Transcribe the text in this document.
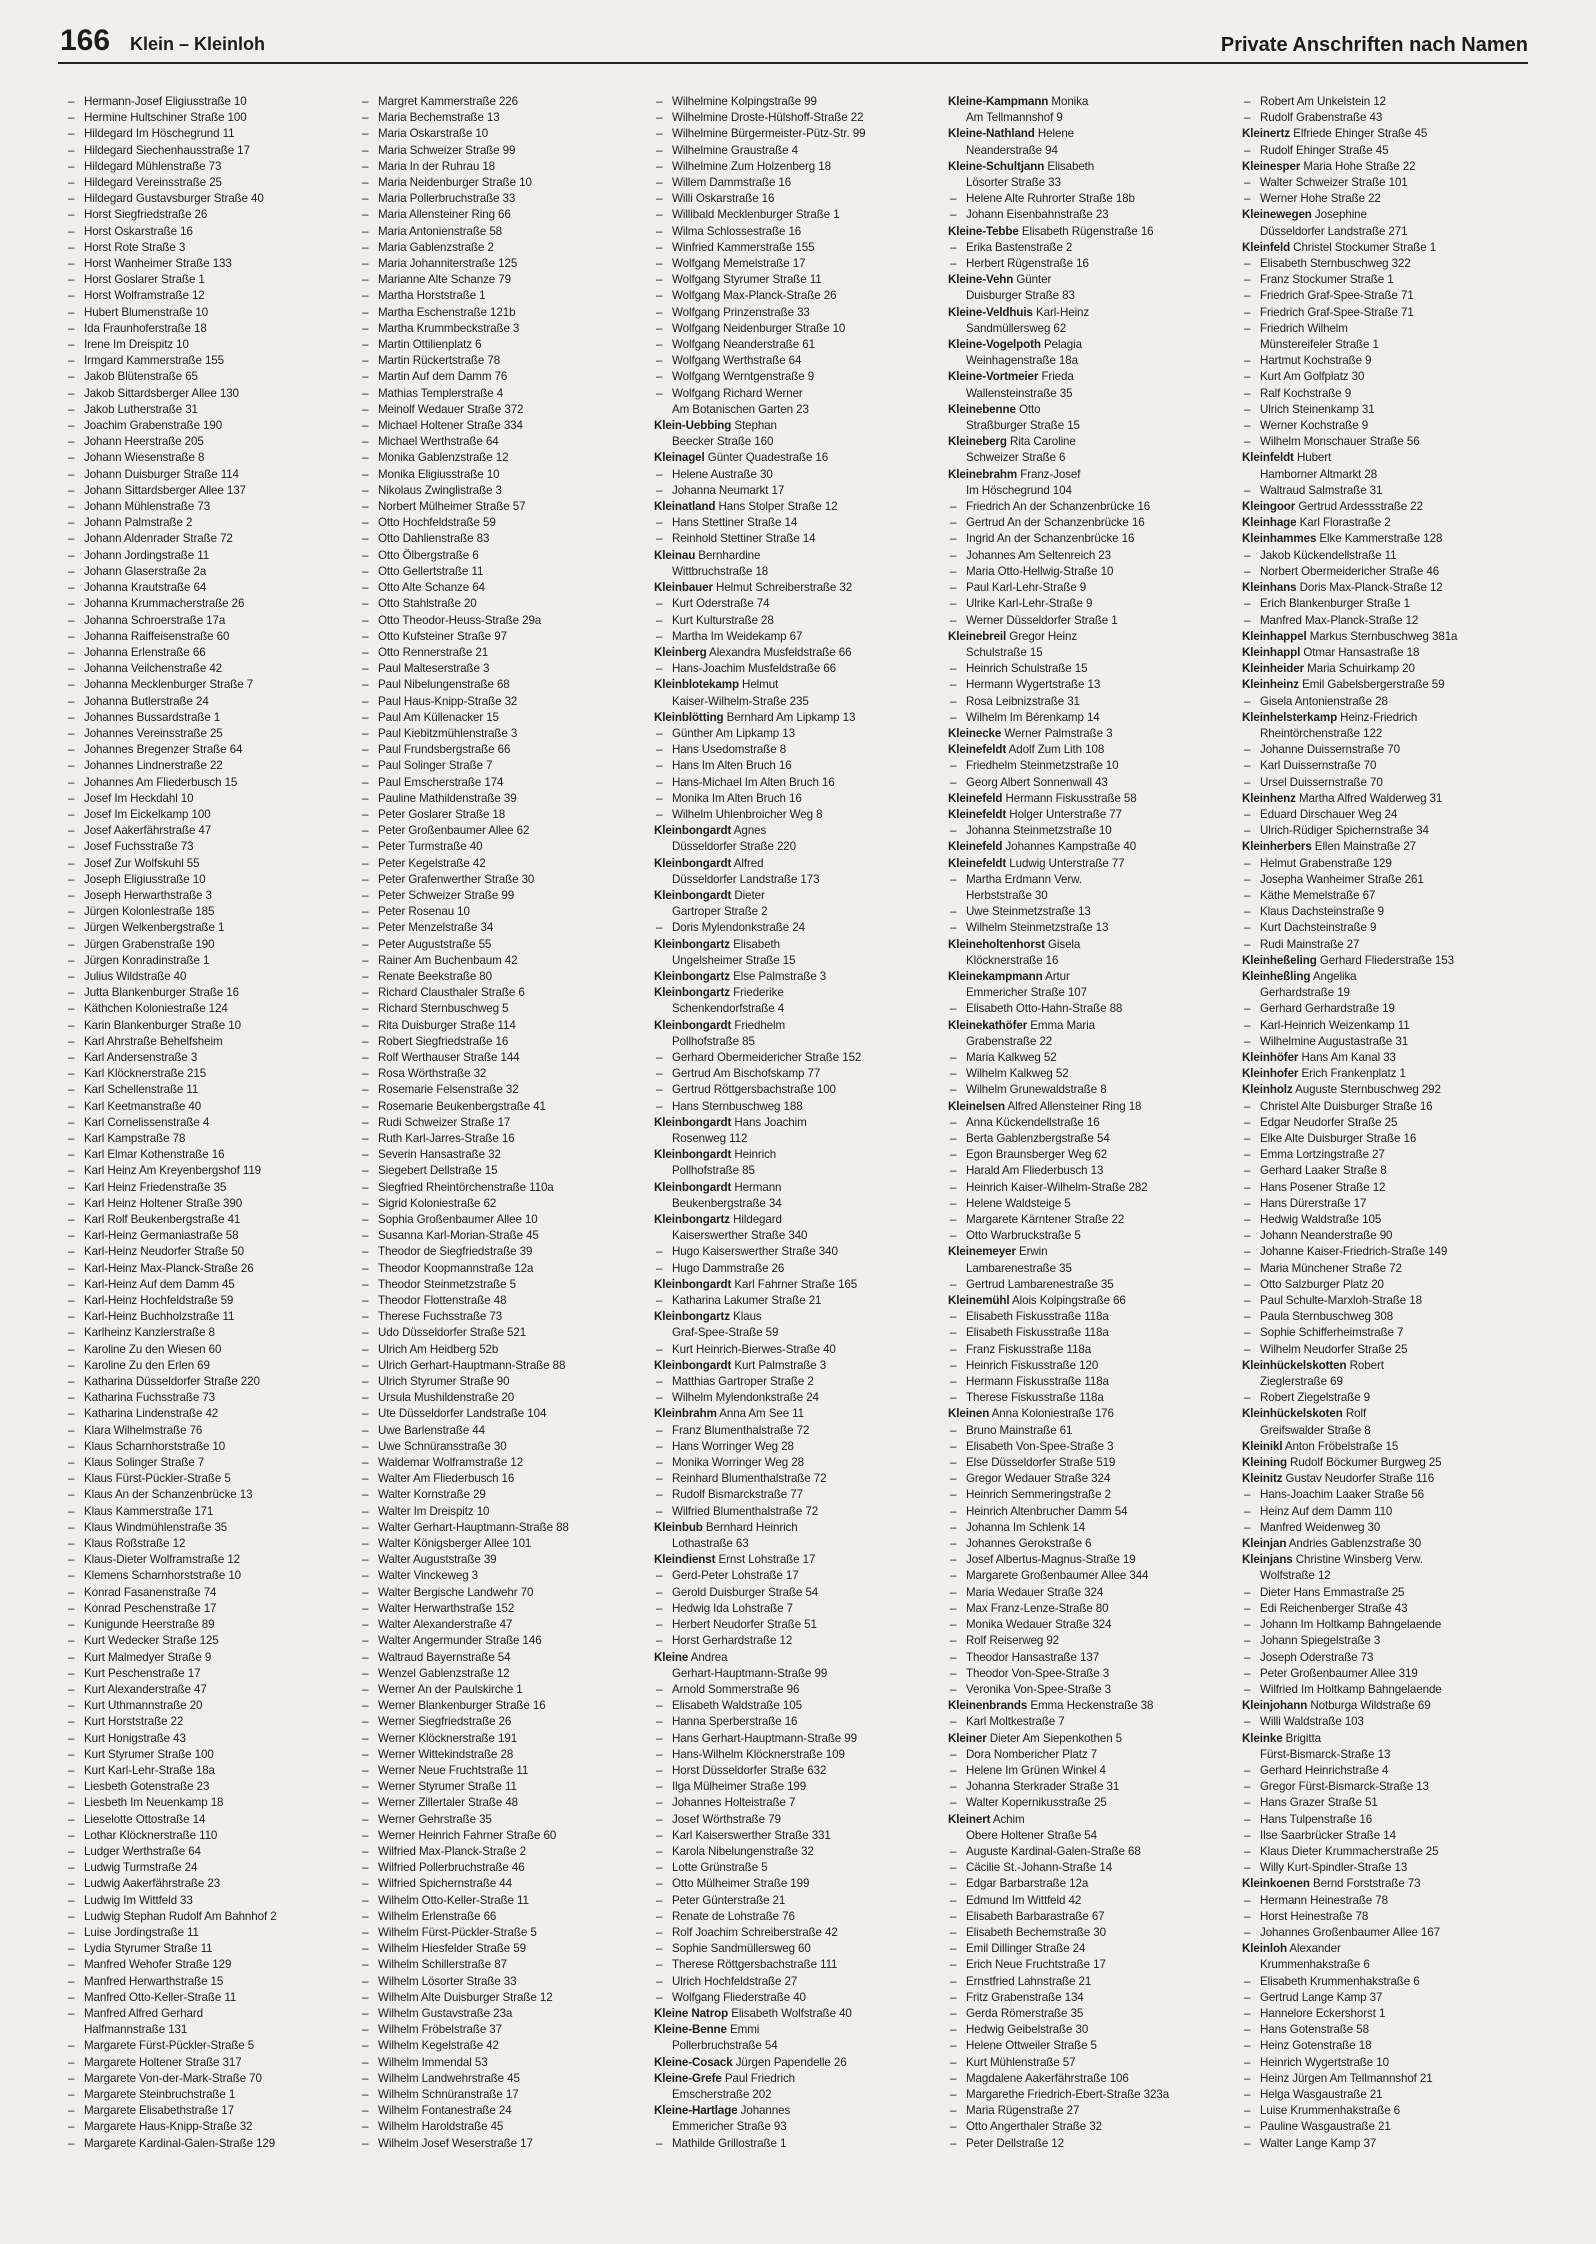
166 Klein – Kleinloh	Private Anschriften nach Namen
– Hermann-Josef Eligiusstraße 10
– Hermine Hultschiner Straße 100
– Hildegard Im Höschegrund 11
– Hildegard Siechenhausstraße 17
– Hildegard Mühlenstraße 73
– Hildegard Vereinsstraße 25
– Hildegard Gustavsburger Straße 40
– Horst Siegfriedstraße 26
– Horst Oskarstraße 16
– Horst Rote Straße 3
– Horst Wanheimer Straße 133
– Horst Goslarer Straße 1
– Horst Wolframstraße 12
– Hubert Blumenstraße 10
– Ida Fraunhoferstraße 18
– Irene Im Dreispitz 10
– Irmgard Kammerstraße 155
– Jakob Blütenstraße 65
– Jakob Sittardsberger Allee 130
– Jakob Lutherstraße 31
– Joachim Grabenstraße 190
– Johann Heerstraße 205
– Johann Wiesenstraße 8
– Johann Duisburger Straße 114
– Johann Sittardsberger Allee 137
– Johann Mühlenstraße 73
– Johann Palmstraße 2
– Johann Aldenrader Straße 72
– Johann Jordingstraße 11
– Johann Glaserstraße 2a
– Johanna Krautstraße 64
– Johanna Krummacherstraße 26
– Johanna Schroerstraße 17a
– Johanna Raiffeisenstraße 60
– Johanna Erlenstraße 66
– Johanna Veilchenstraße 42
– Johanna Mecklenburger Straße 7
– Johanna Butlerstraße 24
– Johannes Bussardstraße 1
– Johannes Vereinsstraße 25
– Johannes Bregenzer Straße 64
– Johannes Lindnerstraße 22
– Johannes Am Fliederbusch 15
– Josef Im Heckdahl 10
– Josef Im Eickelkamp 100
– Josef Aakerfährstraße 47
– Josef Fuchsstraße 73
– Josef Zur Wolfskuhl 55
– Joseph Eligiusstraße 10
– Joseph Herwarthstraße 3
– Jürgen Kolonlestraße 185
– Jürgen Welkenbergstraße 1
– Jürgen Grabenstraße 190
– Jürgen Konradinstraße 1
– Julius Wildstraße 40
– Jutta Blankenburger Straße 16
– Käthchen Koloniestraße 124
– Karin Blankenburger Straße 10
– Karl Ahrstraße Behelfsheim
– Karl Andersenstraße 3
– Karl Klöcknerstraße 215
– Karl Schellenstraße 11
– Karl Keetmanstraße 40
– Karl Cornelissenstraße 4
– Karl Kampstraße 78
– Karl Elmar Kothenstraße 16
– Karl Heinz Am Kreyenbergshof 119
– Karl Heinz Friedenstraße 35
– Karl Heinz Holtener Straße 390
– Karl Rolf Beukenbergstraße 41
– Karl-Heinz Germaniastraße 58
– Karl-Heinz Neudorfer Straße 50
– Karl-Heinz Max-Planck-Straße 26
– Karl-Heinz Auf dem Damm 45
– Karl-Heinz Hochfeldstraße 59
– Karl-Heinz Buchholzstraße 11
– Karlheinz Kanzlerstraße 8
– Karoline Zu den Wiesen 60
– Karoline Zu den Erlen 69
– Katharina Düsseldorfer Straße 220
– Katharina Fuchsstraße 73
– Katharina Lindenstraße 42
– Klara Wilhelmstraße 76
– Klaus Scharnhorststraße 10
– Klaus Solinger Straße 7
– Klaus Fürst-Pückler-Straße 5
– Klaus An der Schanzenbrücke 13
– Klaus Kammerstraße 171
– Klaus Windmühlenstraße 35
– Klaus Roßstraße 12
– Klaus-Dieter Wolframstraße 12
– Klemens Scharnhorststraße 10
– Konrad Fasanenstraße 74
– Konrad Peschenstraße 17
– Kunigunde Heerstraße 89
– Kurt Wedecker Straße 125
– Kurt Malmedyer Straße 9
– Kurt Peschenstraße 17
– Kurt Alexanderstraße 47
– Kurt Uthmannstraße 20
– Kurt Horststraße 22
– Kurt Honigstraße 43
– Kurt Styrumer Straße 100
– Kurt Karl-Lehr-Straße 18a
– Liesbeth Gotenstraße 23
– Liesbeth Im Neuenkamp 18
– Lieselotte Ottostraße 14
– Lothar Klöcknerstraße 110
– Ludger Werthstraße 64
– Ludwig Turmstraße 24
– Ludwig Aakerfährstraße 23
– Ludwig Im Wittfeld 33
– Ludwig Stephan Rudolf Am Bahnhof 2
– Luise Jordingstraße 11
– Lydia Styrumer Straße 11
– Manfred Wehofer Straße 129
– Manfred Herwarthstraße 15
– Manfred Otto-Keller-Straße 11
– Manfred Alfred Gerhard
Halfmannstraße 131
– Margarete Fürst-Pückler-Straße 5
– Margarete Holtener Straße 317
– Margarete Von-der-Mark-Straße 70
– Margarete Steinbruchstraße 1
– Margarete Elisabethstraße 17
– Margarete Haus-Knipp-Straße 32
– Margarete Kardinal-Galen-Straße 129
– Margret Kammerstraße 226
– Maria Bechemstraße 13
– Maria Oskarstraße 10
– Maria Schweizer Straße 99
– Maria In der Ruhrau 18
– Maria Neidenburger Straße 10
– Maria Pollerbruchstraße 33
– Maria Allensteiner Ring 66
– Maria Antonienstraße 58
– Maria Gablenzstraße 2
– Maria Johanniterstraße 125
– Marianne Alte Schanze 79
– Martha Horststraße 1
– Martha Eschenstraße 121b
– Martha Krummbeckstraße 3
– Martin Ottilienplatz 6
– Martin Rückertstraße 78
– Martin Auf dem Damm 76
– Mathias Templerstraße 4
– Meinolf Wedauer Straße 372
– Michael Holtener Straße 334
– Michael Werthstraße 64
– Monika Gablenzstraße 12
– Monika Eligiusstraße 10
– Nikolaus Zwinglistraße 3
– Norbert Mülheimer Straße 57
– Otto Hochfeldstraße 59
– Otto Dahlienstraße 83
– Otto Ölbergstraße 6
– Otto Gellertstraße 11
– Otto Alte Schanze 64
– Otto Stahlstraße 20
– Otto Theodor-Heuss-Straße 29a
– Otto Kufsteiner Straße 97
– Otto Rennerstraße 21
– Paul Malteserstraße 3
– Paul Nibelungenstraße 68
– Paul Haus-Knipp-Straße 32
– Paul Am Küllenacker 15
– Paul Kiebitzmühlenstraße 3
– Paul Frundsbergstraße 66
– Paul Solinger Straße 7
– Paul Emscherstraße 174
– Pauline Mathildenstraße 39
– Peter Goslarer Straße 18
– Peter Großenbaumer Allee 62
– Peter Turmstraße 40
– Peter Kegelstraße 42
– Peter Grafenwerther Straße 30
– Peter Schweizer Straße 99
– Peter Rosenau 10
– Peter Menzelstraße 34
– Peter Auguststraße 55
– Rainer Am Buchenbaum 42
– Renate Beekstraße 80
– Richard Clausthaler Straße 6
– Richard Sternbuschweg 5
– Rita Duisburger Straße 114
– Robert Siegfriedstraße 16
– Rolf Werthauser Straße 144
– Rosa Wörthstraße 32
– Rosemarie Felsenstraße 32
– Rosemarie Beukenbergstraße 41
– Rudi Schweizer Straße 17
– Ruth Karl-Jarres-Straße 16
– Severin Hansastraße 32
– Siegebert Dellstraße 15
– Siegfried Rheintörchenstraße 110a
– Sigrid Koloniestraße 62
– Sophia Großenbaumer Allee 10
– Susanna Karl-Morian-Straße 45
– Theodor de Siegfriedstraße 39
– Theodor Koopmannstraße 12a
– Theodor Steinmetzstraße 5
– Theodor Flottenstraße 48
– Therese Fuchsstraße 73
– Udo Düsseldorfer Straße 521
– Ulrich Am Heidberg 52b
– Ulrich Gerhart-Hauptmann-Straße 88
– Ulrich Styrumer Straße 90
– Ursula Mushildenstraße 20
– Ute Düsseldorfer Landstraße 104
– Uwe Barlenstraße 44
– Uwe Schnüransstraße 30
– Waldemar Wolframstraße 12
– Walter Am Fliederbusch 16
– Walter Kornstraße 29
– Walter Im Dreispitz 10
– Walter Gerhart-Hauptmann-Straße 88
– Walter Königsberger Allee 101
– Walter Auguststraße 39
– Walter Vinckeweg 3
– Walter Bergische Landwehr 70
– Walter Herwarthstraße 152
– Walter Alexanderstraße 47
– Walter Angermunder Straße 146
– Waltraud Bayernstraße 54
– Wenzel Gablenzstraße 12
– Werner An der Paulskirche 1
– Werner Blankenburger Straße 16
– Werner Siegfriedstraße 26
– Werner Klöcknerstraße 191
– Werner Wittekindstraße 28
– Werner Neue Fruchtstraße 11
– Werner Styrumer Straße 11
– Werner Zillertaler Straße 48
– Werner Gehrstraße 35
– Werner Heinrich Fahrner Straße 60
– Wilfried Max-Planck-Straße 2
– Wilfried Pollerbruchstraße 46
– Wilfried Spichernstraße 44
– Wilhelm Otto-Keller-Straße 11
– Wilhelm Erlenstraße 66
– Wilhelm Fürst-Pückler-Straße 5
– Wilhelm Hiesfelder Straße 59
– Wilhelm Schillerstraße 87
– Wilhelm Lösorter Straße 33
– Wilhelm Alte Duisburger Straße 12
– Wilhelm Gustavstraße 23a
– Wilhelm Fröbelstraße 37
– Wilhelm Kegelstraße 42
– Wilhelm Immendal 53
– Wilhelm Landwehrstraße 45
– Wilhelm Schnüranstraße 17
– Wilhelm Fontanestraße 24
– Wilhelm Haroldstraße 45
– Wilhelm Josef Weserstraße 17
– Wilhelmine Kolpingstraße 99
– Wilhelmine Droste-Hülshoff-Straße 22
– Wilhelmine Bürgermeister-Pütz-Str. 99
– Wilhelmine Graustraße 4
– Wilhelmine Zum Holzenberg 18
– Willem Dammstraße 16
– Willi Oskarstraße 16
– Willibald Mecklenburger Straße 1
– Wilma Schlossestraße 16
– Winfried Kammerstraße 155
– Wolfgang Memelstraße 17
– Wolfgang Styrumer Straße 11
– Wolfgang Max-Planck-Straße 26
– Wolfgang Prinzenstraße 33
– Wolfgang Neidenburger Straße 10
– Wolfgang Neanderstraße 61
– Wolfgang Werthstraße 64
– Wolfgang Werntgenstraße 9
– Wolfgang Richard Werner
Am Botanischen Garten 23
Klein-Uebbing Stephan
Beecker Straße 160
Kleinagel Günter Quadestraße 16
– Helene Austraße 30
– Johanna Neumarkt 17
Kleinatland Hans Stolper Straße 12
– Hans Stettiner Straße 14
– Reinhold Stettiner Straße 14
Kleinau Bernhardine
Wittbruchstraße 18
Kleinbauer Helmut Schreiberstraße 32
– Kurt Oderstraße 74
– Kurt Kulturstraße 28
– Martha Im Weidekamp 67
Kleinberg Alexandra Musfeldstraße 66
– Hans-Joachim Musfeldstraße 66
Kleinblotekamp Helmut
Kaiser-Wilhelm-Straße 235
Kleinblötting Bernhard Am Lipkamp 13
– Günther Am Lipkamp 13
– Hans Usedomstraße 8
– Hans Im Alten Bruch 16
– Hans-Michael Im Alten Bruch 16
– Monika Im Alten Bruch 16
– Wilhelm Uhlenbroicher Weg 8
Kleinbongardt Agnes
Düsseldorfer Straße 220
Kleinbongardt Alfred
Düsseldorfer Landstraße 173
Kleinbongardt Dieter
Gartroper Straße 2
– Doris Mylendonkstraße 24
Kleinbongartz Elisabeth
Ungelsheimer Straße 15
Kleinbongartz Else Palmstraße 3
Kleinbongartz Friederike
Schenkendorfstraße 4
Kleinbongardt Friedhelm
Pollhofstraße 85
– Gerhard Obermeidericher Straße 152
– Gertrud Am Bischofskamp 77
– Gertrud Röttgersbachstraße 100
– Hans Sternbuschweg 188
Kleinbongardt Hans Joachim
Rosenweg 112
Kleinbongardt Heinrich
Pollhofstraße 85
Kleinbongardt Hermann
Beukenbergstraße 34
Kleinbongartz Hildegard
Kaiserswerther Straße 340
– Hugo Kaiserswerther Straße 340
– Hugo Dammstraße 26
Kleinbongardt Karl Fahrner Straße 165
– Katharina Lakumer Straße 21
Kleinbongartz Klaus
Graf-Spee-Straße 59
– Kurt Heinrich-Bierwes-Straße 40
Kleinbongardt Kurt Palmstraße 3
– Matthias Gartroper Straße 2
– Wilhelm Mylendonkstraße 24
Kleinbrahm Anna Am See 11
– Franz Blumenthalstraße 72
– Hans Worringer Weg 28
– Monika Worringer Weg 28
– Reinhard Blumenthalstraße 72
– Rudolf Bismarckstraße 77
– Wilfried Blumenthalstraße 72
Kleinbub Bernhard Heinrich
Lothastraße 63
Kleindienst Ernst Lohstraße 17
– Gerd-Peter Lohstraße 17
– Gerold Duisburger Straße 54
– Hedwig Ida Lohstraße 7
– Herbert Neudorfer Straße 51
– Horst Gerhardstraße 12
Kleine Andrea
Gerhart-Hauptmann-Straße 99
– Arnold Sommerstraße 96
– Elisabeth Waldstraße 105
– Hanna Sperberstraße 16
– Hans Gerhart-Hauptmann-Straße 99
– Hans-Wilhelm Klöcknerstraße 109
– Horst Düsseldorfer Straße 632
– Ilga Mülheimer Straße 199
– Johannes Holteistraße 7
– Josef Wörthstraße 79
– Karl Kaiserswerther Straße 331
– Karola Nibelungenstraße 32
– Lotte Grünstraße 5
– Otto Mülheimer Straße 199
– Peter Günterstraße 21
– Renate de Lohstraße 76
– Rolf Joachim Schreiberstraße 42
– Sophie Sandmüllersweg 60
– Therese Röttgersbachstraße 111
– Ulrich Hochfeldstraße 27
– Wolfgang Fliederstraße 40
Kleine Natrop Elisabeth Wolfstraße 40
Kleine-Benne Emmi
Pollerbruchstraße 54
Kleine-Cosack Jürgen Papendelle 26
Kleine-Grefe Paul Friedrich
Emscherstraße 202
Kleine-Hartlage Johannes
Emmericher Straße 93
– Mathilde Grillostraße 1
Kleine-Kampmann Monika
Am Tellmannshof 9
Kleine-Nathland Helene
Neanderstraße 94
Kleine-Schultjann Elisabeth
Lösorter Straße 33
– Helene Alte Ruhrorter Straße 18b
– Johann Eisenbahnstraße 23
Kleine-Tebbe Elisabeth Rügenstraße 16
– Erika Bastenstraße 2
– Herbert Rügenstraße 16
Kleine-Vehn Günter
Duisburger Straße 83
Kleine-Veldhuis Karl-Heinz
Sandmüllersweg 62
Kleine-Vogelpoth Pelagia
Weinhagenstraße 18a
Kleine-Vortmeier Frieda
Wallensteinstraße 35
Kleinebenne Otto
Straßburger Straße 15
Kleineberg Rita Caroline
Schweizer Straße 6
Kleinebrahm Franz-Josef
Im Höschegrund 104
– Friedrich An der Schanzenbrücke 16
– Gertrud An der Schanzenbrücke 16
– Ingrid An der Schanzenbrücke 16
– Johannes Am Seltenreich 23
– Maria Otto-Hellwig-Straße 10
– Paul Karl-Lehr-Straße 9
– Ulrike Karl-Lehr-Straße 9
– Werner Düsseldorfer Straße 1
Kleinebreil Gregor Heinz
Schulstraße 15
– Heinrich Schulstraße 15
– Hermann Wygertstraße 13
– Rosa Leibnizstraße 31
– Wilhelm Im Bérenkamp 14
Kleinecke Werner Palmstraße 3
Kleinefeldt Adolf Zum Lith 108
– Friedhelm Steinmetzstraße 10
– Georg Albert Sonnenwall 43
Kleinefeld Hermann Fiskusstraße 58
Kleinefeldt Holger Unterstraße 77
– Johanna Steinmetzstraße 10
Kleinefeld Johannes Kampstraße 40
Kleinefeldt Ludwig Unterstraße 77
– Martha Erdmann Verw.
Herbststraße 30
– Uwe Steinmetzstraße 13
– Wilhelm Steinmetzstraße 13
Kleineholtenhorst Gisela
Klöcknerstraße 16
Kleinekampmann Artur
Emmericher Straße 107
– Elisabeth Otto-Hahn-Straße 88
Kleinekathöfer Emma Maria
Grabenstraße 22
– Maria Kalkweg 52
– Wilhelm Kalkweg 52
– Wilhelm Grunewaldstraße 8
Kleinelsen Alfred Allensteiner Ring 18
– Anna Kückendellstraße 16
– Berta Gablenzbergstraße 54
– Egon Braunsberger Weg 62
– Harald Am Fliederbusch 13
– Heinrich Kaiser-Wilhelm-Straße 282
– Helene Waldsteige 5
– Margarete Kärntener Straße 22
– Otto Warbruckstraße 5
Kleinemeyer Erwin
Lambarenestraße 35
– Gertrud Lambarenestraße 35
Kleinemühl Alois Kolpingstraße 66
– Elisabeth Fiskusstraße 118a
– Elisabeth Fiskusstraße 118a
– Franz Fiskusstraße 118a
– Heinrich Fiskusstraße 120
– Hermann Fiskusstraße 118a
– Therese Fiskusstraße 118a
Kleinen Anna Koloniestraße 176
– Bruno Mainstraße 61
– Elisabeth Von-Spee-Straße 3
– Else Düsseldorfer Straße 519
– Gregor Wedauer Straße 324
– Heinrich Semmeringstraße 2
– Heinrich Altenbrucher Damm 54
– Johanna Im Schlenk 14
– Johannes Gerokstraße 6
– Josef Albertus-Magnus-Straße 19
– Margarete Großenbaumer Allee 344
– Maria Wedauer Straße 324
– Max Franz-Lenze-Straße 80
– Monika Wedauer Straße 324
– Rolf Reiserweg 92
– Theodor Hansastraße 137
– Theodor Von-Spee-Straße 3
– Veronika Von-Spee-Straße 3
Kleinenbrands Emma Heckenstraße 38
– Karl Moltkestraße 7
Kleiner Dieter Am Siepenkothen 5
– Dora Nombericher Platz 7
– Helene Im Grünen Winkel 4
– Johanna Sterkrader Straße 31
– Walter Kopernikusstraße 25
Kleinert Achim
Obere Holtener Straße 54
– Auguste Kardinal-Galen-Straße 68
– Cäcilie St.-Johann-Straße 14
– Edgar Barbarstraße 12a
– Edmund Im Wittfeld 42
– Elisabeth Barbarastraße 67
– Elisabeth Bechemstraße 30
– Emil Dillinger Straße 24
– Erich Neue Fruchtstraße 17
– Ernstfried Lahnstraße 21
– Fritz Grabenstraße 134
– Gerda Römerstraße 35
– Hedwig Geibelstraße 30
– Helene Ottweiler Straße 5
– Kurt Mühlenstraße 57
– Magdalene Aakerfährstraße 106
– Margarethe Friedrich-Ebert-Straße 323a
– Maria Rügenstraße 27
– Otto Angerthaler Straße 32
– Peter Dellstraße 12
– Robert Am Unkelstein 12
– Rudolf Grabenstraße 43
Kleinertz Elfriede Ehinger Straße 45
– Rudolf Ehinger Straße 45
Kleinesper Maria Hohe Straße 22
– Walter Schweizer Straße 101
– Werner Hohe Straße 22
Kleinewegen Josephine
Düsseldorfer Landstraße 271
Kleinfeld Christel Stockumer Straße 1
– Elisabeth Sternbuschweg 322
– Franz Stockumer Straße 1
– Friedrich Graf-Spee-Straße 71
– Friedrich Graf-Spee-Straße 71
– Friedrich Wilhelm
Münstereifeler Straße 1
– Hartmut Kochstraße 9
– Kurt Am Golfplatz 30
– Ralf Kochstraße 9
– Ulrich Steinenkamp 31
– Werner Kochstraße 9
– Wilhelm Monschauer Straße 56
Kleinfeldt Hubert
Hamborner Altmarkt 28
– Waltraud Salmstraße 31
Kleingoor Gertrud Ardessstraße 22
Kleinhage Karl Florastraße 2
Kleinhammes Elke Kammerstraße 128
– Jakob Kückendellstraße 11
– Norbert Obermeidericher Straße 46
Kleinhans Doris Max-Planck-Straße 12
– Erich Blankenburger Straße 1
– Manfred Max-Planck-Straße 12
Kleinhappel Markus Sternbuschweg 381a
Kleinhappl Otmar Hansastraße 18
Kleinheider Maria Schuirkamp 20
Kleinheinz Emil Gabelsbergerstraße 59
– Gisela Antonienstraße 28
Kleinhelsterkamp Heinz-Friedrich
Rheintörchenstraße 122
– Johanne Duissernstraße 70
– Karl Duissernstraße 70
– Ursel Duissernstraße 70
Kleinhenz Martha Alfred Walderweg 31
– Eduard Dirschauer Weg 24
– Ulrich-Rüdiger Spichernstraße 34
Kleinherbers Ellen Mainstraße 27
– Helmut Grabenstraße 129
– Josepha Wanheimer Straße 261
– Käthe Memelstraße 67
– Klaus Dachsteinstraße 9
– Kurt Dachsteinstraße 9
– Rudi Mainstraße 27
Kleinheßeling Gerhard Fliederstraße 153
Kleinheßling Angelika
Gerhardstraße 19
– Gerhard Gerhardstraße 19
– Karl-Heinrich Weizenkamp 11
– Wilhelmine Augustastraße 31
Kleinhöfer Hans Am Kanal 33
Kleinhofer Erich Frankenplatz 1
Kleinholz Auguste Sternbuschweg 292
– Christel Alte Duisburger Straße 16
– Edgar Neudorfer Straße 25
– Elke Alte Duisburger Straße 16
– Emma Lortzingstraße 27
– Gerhard Laaker Straße 8
– Hans Posener Straße 12
– Hans Dürerstraße 17
– Hedwig Waldstraße 105
– Johann Neanderstraße 90
– Johanne Kaiser-Friedrich-Straße 149
– Maria Münchener Straße 72
– Otto Salzburger Platz 20
– Paul Schulte-Marxloh-Straße 18
– Paula Sternbuschweg 308
– Sophie Schifferheimstraße 7
– Wilhelm Neudorfer Straße 25
Kleinhückelskotten Robert
Zieglerstraße 69
– Robert Ziegelstraße 9
Kleinhückelskoten Rolf
Greifswalder Straße 8
Kleinikl Anton Fröbelstraße 15
Kleining Rudolf Böckumer Burgweg 25
Kleinitz Gustav Neudorfer Straße 116
– Hans-Joachim Laaker Straße 56
– Heinz Auf dem Damm 110
– Manfred Weidenweg 30
Kleinjan Andries Gablenzstraße 30
Kleinjans Christine Winsberg Verw.
Wolfstraße 12
– Dieter Hans Emmastraße 25
– Edi Reichenberger Straße 43
– Johann Im Holtkamp Bahngelaende
– Johann Spiegelstraße 3
– Joseph Oderstraße 73
– Peter Großenbaumer Allee 319
– Wilfried Im Holtkamp Bahngelaende
Kleinjohann Notburga Wildstraße 69
– Willi Waldstraße 103
Kleinke Brigitta
Fürst-Bismarck-Straße 13
– Gerhard Heinrichstraße 4
– Gregor Fürst-Bismarck-Straße 13
– Hans Grazer Straße 51
– Hans Tulpenstraße 16
– Ilse Saarbrücker Straße 14
– Klaus Dieter Krummacherstraße 25
– Willy Kurt-Spindler-Straße 13
Kleinkoenen Bernd Forststraße 73
– Hermann Heinestraße 78
– Horst Heinestraße 78
– Johannes Großenbaumer Allee 167
Kleinloh Alexander
Krummenhakstraße 6
– Elisabeth Krummenhakstraße 6
– Gertrud Lange Kamp 37
– Hannelore Eckershorst 1
– Hans Gotenstraße 58
– Heinz Gotenstraße 18
– Heinrich Wygertstraße 10
– Heinz Jürgen Am Tellmannshof 21
– Helga Wasgaustraße 21
– Luise Krummenhakstraße 6
– Pauline Wasgaustraße 21
– Walter Lange Kamp 37
